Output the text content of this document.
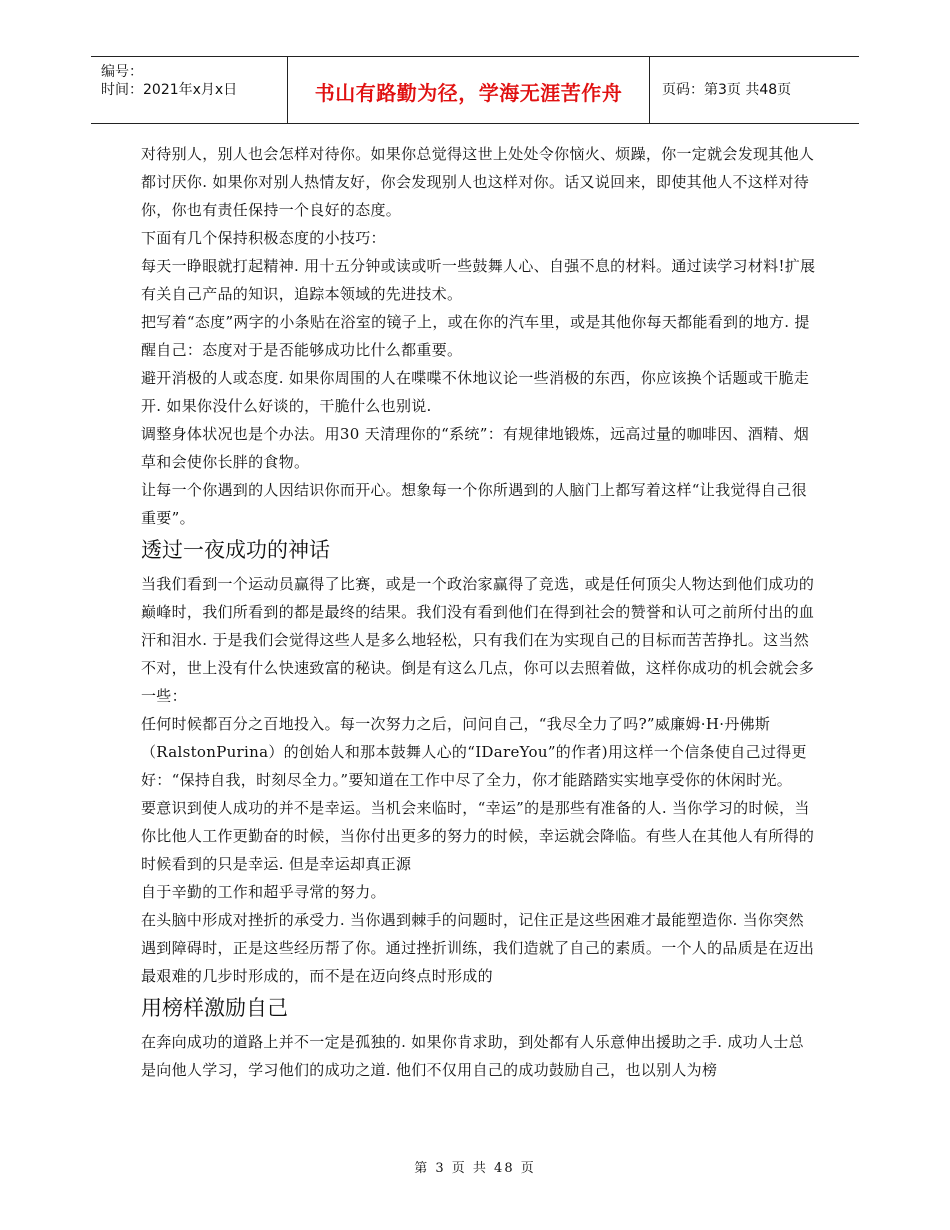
编号：
时间：2021年x月x日	书山有路勤为径，学海无涯苦作舟	页码：第3页 共48页

对待别人，别人也会怎样对待你。如果你总觉得这世上处处令你恼火、烦躁，你一定就会发现其他人都讨厌你. 如果你对别人热情友好，你会发现别人也这样对你。话又说回来，即使其他人不这样对待你，你也有责任保持一个良好的态度。

下面有几个保持积极态度的小技巧：

每天一睁眼就打起精神. 用十五分钟或读或听一些鼓舞人心、自强不息的材料。通过读学习材料!扩展有关自己产品的知识，追踪本领域的先进技术。

把写着“态度”两字的小条贴在浴室的镜子上，或在你的汽车里，或是其他你每天都能看到的地方. 提醒自己：态度对于是否能够成功比什么都重要。

避开消极的人或态度. 如果你周围的人在喋喋不休地议论一些消极的东西，你应该换个话题或干脆走开. 如果你没什么好谈的，干脆什么也别说.

调整身体状况也是个办法。用30 天清理你的“系统”：有规律地锻炼，远高过量的咖啡因、酒精、烟草和会使你长胖的食物。

让每一个你遇到的人因结识你而开心。想象每一个你所遇到的人脑门上都写着这样“让我觉得自己很重要”。

透过一夜成功的神话

当我们看到一个运动员赢得了比赛，或是一个政治家赢得了竞选，或是任何顶尖人物达到他们成功的巅峰时，我们所看到的都是最终的结果。我们没有看到他们在得到社会的赞誉和认可之前所付出的血汗和泪水. 于是我们会觉得这些人是多么地轻松，只有我们在为实现自己的目标而苦苦挣扎。这当然不对，世上没有什么快速致富的秘诀。倒是有这么几点，你可以去照着做，这样你成功的机会就会多一些：

任何时候都百分之百地投入。每一次努力之后，问问自己，“我尽全力了吗?”威廉姆·H·丹佛斯（RalstonPurina）的创始人和那本鼓舞人心的“IDareYou”的作者)用这样一个信条使自己过得更好：“保持自我，时刻尽全力。”要知道在工作中尽了全力，你才能踏踏实实地享受你的休闲时光。

要意识到使人成功的并不是幸运。当机会来临时，“幸运”的是那些有准备的人. 当你学习的时候，当你比他人工作更勤奋的时候，当你付出更多的努力的时候，幸运就会降临。有些人在其他人有所得的时候看到的只是幸运. 但是幸运却真正源

自于辛勤的工作和超乎寻常的努力。

在头脑中形成对挫折的承受力. 当你遇到棘手的问题时，记住正是这些困难才最能塑造你. 当你突然遇到障碍时，正是这些经历帮了你。通过挫折训练，我们造就了自己的素质。一个人的品质是在迈出最艰难的几步时形成的，而不是在迈向终点时形成的

用榜样激励自己

在奔向成功的道路上并不一定是孤独的. 如果你肯求助，到处都有人乐意伸出援助之手. 成功人士总是向他人学习，学习他们的成功之道. 他们不仅用自己的成功鼓励自己，也以别人为榜

第 3 页 共 48 页
